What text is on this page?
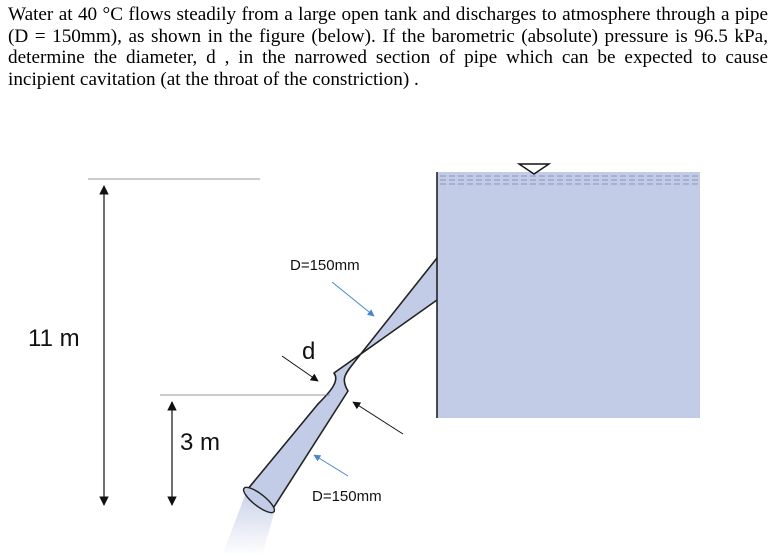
Water at 40 °C flows steadily from a large open tank and discharges to atmosphere through a pipe (D = 150mm), as shown in the figure (below). If the barometric (absolute) pressure is 96.5 kPa, determine the diameter, d , in the narrowed section of pipe which can be expected to cause incipient cavitation (at the throat of the constriction) .

11 m
3 m
D=150mm
D=150mm
d
